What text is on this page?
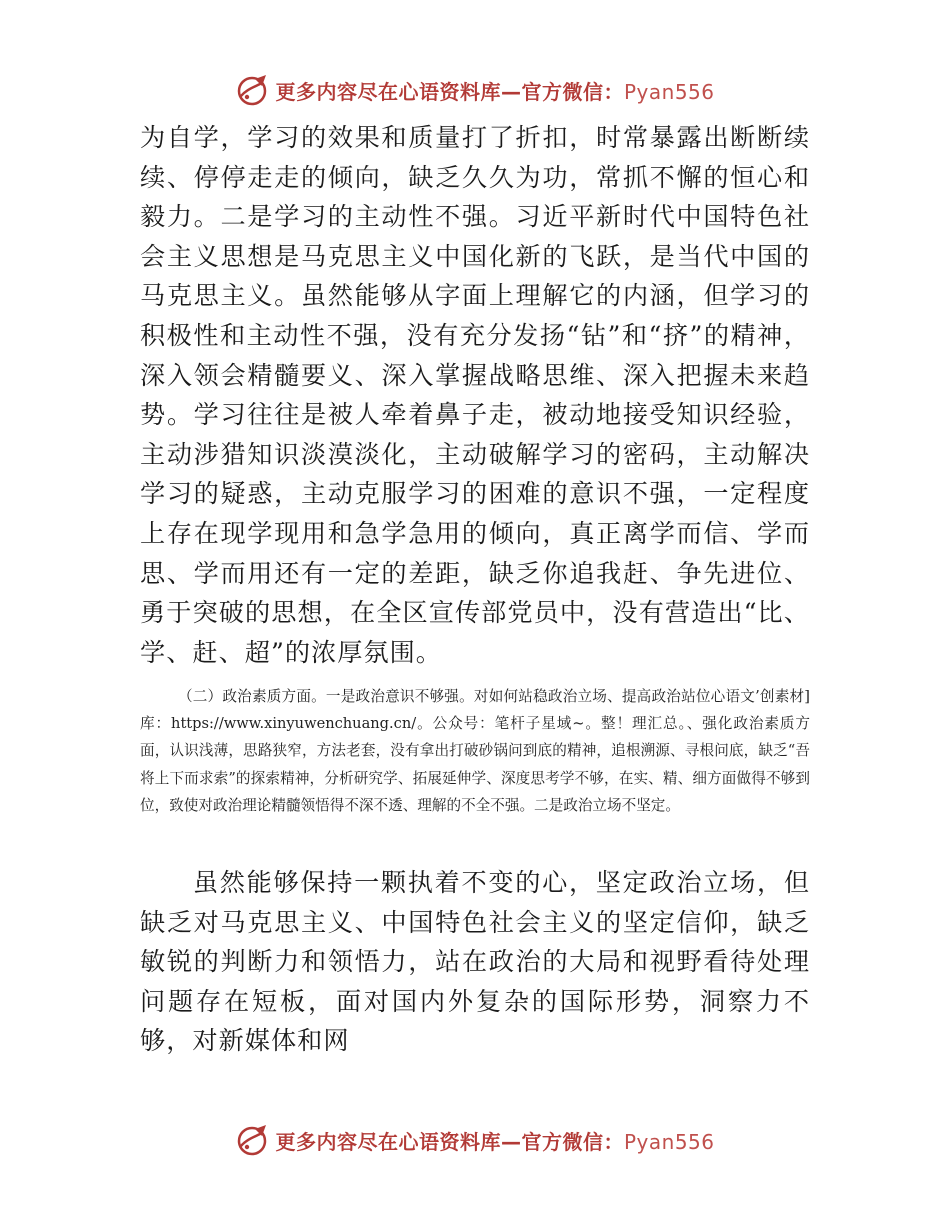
更多内容尽在心语资料库—官方微信：Pyan556
为自学，学习的效果和质量打了折扣，时常暴露出断断续续、停停走走的倾向，缺乏久久为功，常抓不懈的恒心和毅力。二是学习的主动性不强。习近平新时代中国特色社会主义思想是马克思主义中国化新的飞跃，是当代中国的马克思主义。虽然能够从字面上理解它的内涵，但学习的积极性和主动性不强，没有充分发扬“钻”和“挤”的精神，深入领会精髓要义、深入掌握战略思维、深入把握未来趋势。学习往往是被人牵着鼻子走，被动地接受知识经验，主动涉猎知识淡漠淡化，主动破解学习的密码，主动解决学习的疑惑，主动克服学习的困难的意识不强，一定程度上存在现学现用和急学急用的倾向，真正离学而信、学而思、学而用还有一定的差距，缺乏你追我赶、争先进位、勇于突破的思想，在全区宣传部党员中，没有营造出“比、学、赶、超”的浓厚氛围。
（二）政治素质方面。一是政治意识不够强。对如何站稳政治立场、提高政治站位心语文’创素材]库：https://www.xinyuwenchuang.cn/。公众号：笔杆子星域~。整！理汇总。、强化政治素质方面，认识浅薄，思路狭窄，方法老套，没有拿出打破砂锅问到底的精神，追根溯源、寻根问底，缺乏“吾将上下而求索”的探索精神，分析研究学、拓展延伸学、深度思考学不够，在实、精、细方面做得不够到位，致使对政治理论精髓领悟得不深不透、理解的不全不强。二是政治立场不坚定。
虽然能够保持一颗执着不变的心，坚定政治立场，但缺乏对马克思主义、中国特色社会主义的坚定信仰，缺乏敏锐的判断力和领悟力，站在政治的大局和视野看待处理问题存在短板，面对国内外复杂的国际形势，洞察力不够，对新媒体和网
更多内容尽在心语资料库—官方微信：Pyan556
